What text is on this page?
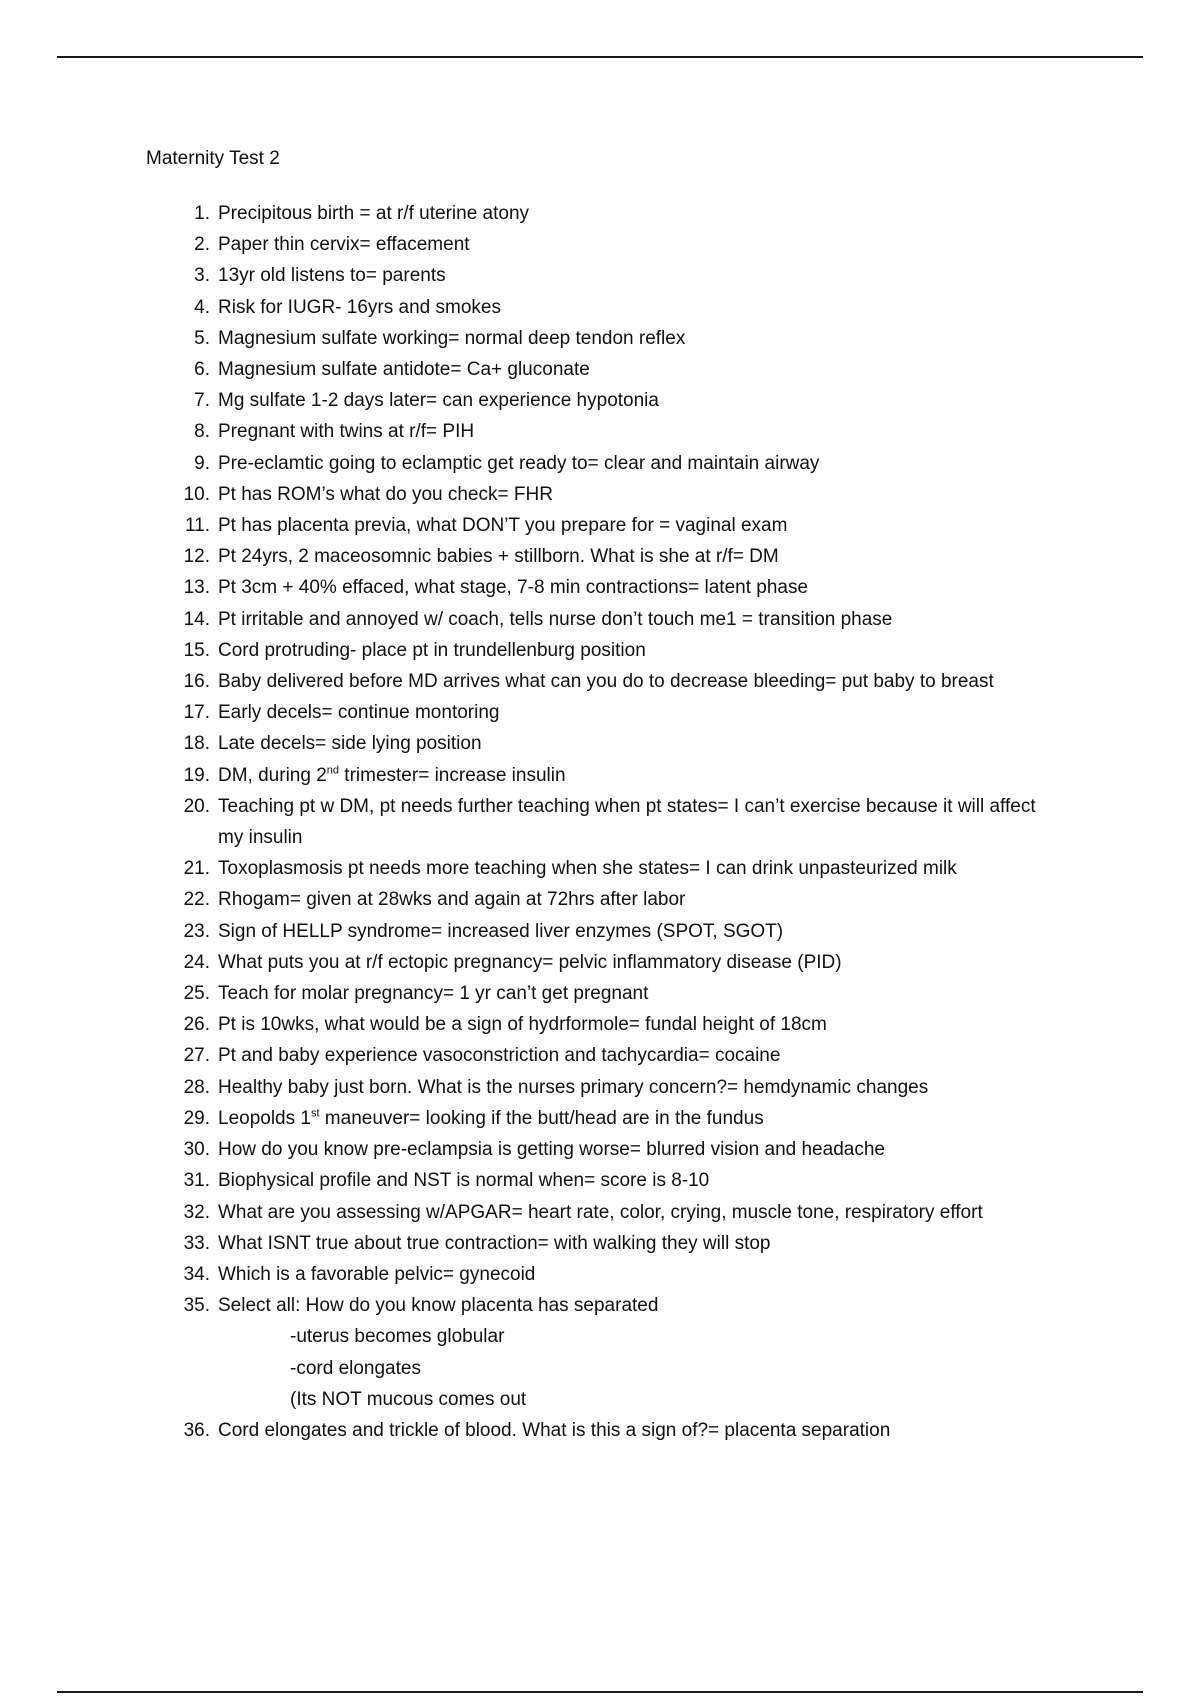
Maternity Test 2
1. Precipitous birth = at r/f uterine atony
2. Paper thin cervix= effacement
3. 13yr old listens to= parents
4. Risk for IUGR- 16yrs and smokes
5. Magnesium sulfate working= normal deep tendon reflex
6. Magnesium sulfate antidote= Ca+ gluconate
7. Mg sulfate 1-2 days later= can experience hypotonia
8. Pregnant with twins at r/f= PIH
9. Pre-eclamtic going to eclamptic get ready to= clear and maintain airway
10. Pt has ROM’s what do you check= FHR
11. Pt has placenta previa, what DON’T you prepare for = vaginal exam
12. Pt 24yrs, 2 maceosomnic babies + stillborn. What is she at r/f= DM
13. Pt 3cm + 40% effaced, what stage, 7-8 min contractions= latent phase
14. Pt irritable and annoyed w/ coach, tells nurse don’t touch me1 = transition phase
15. Cord protruding- place pt in trundellenburg position
16. Baby delivered before MD arrives what can you do to decrease bleeding= put baby to breast
17. Early decels= continue montoring
18. Late decels= side lying position
19. DM, during 2nd trimester= increase insulin
20. Teaching pt w DM, pt needs further teaching when pt states= I can’t exercise because it will affect my insulin
21. Toxoplasmosis pt needs more teaching when she states= I can drink unpasteurized milk
22. Rhogam= given at 28wks and again at 72hrs after labor
23. Sign of HELLP syndrome= increased liver enzymes (SPOT, SGOT)
24. What puts you at r/f ectopic pregnancy= pelvic inflammatory disease (PID)
25. Teach for molar pregnancy= 1 yr can’t get pregnant
26. Pt is 10wks, what would be a sign of hydrformole= fundal height of 18cm
27. Pt and baby experience vasoconstriction and tachycardia= cocaine
28. Healthy baby just born. What is the nurses primary concern?= hemdynamic changes
29. Leopolds 1st maneuver= looking if the butt/head are in the fundus
30. How do you know pre-eclampsia is getting worse= blurred vision and headache
31. Biophysical profile and NST is normal when= score is 8-10
32. What are you assessing w/APGAR= heart rate, color, crying, muscle tone, respiratory effort
33. What ISNT true about true contraction= with walking they will stop
34. Which is a favorable pelvic= gynecoid
35. Select all: How do you know placenta has separated
-uterus becomes globular
-cord elongates
(Its NOT mucous comes out
36. Cord elongates and trickle of blood. What is this a sign of?= placenta separation
